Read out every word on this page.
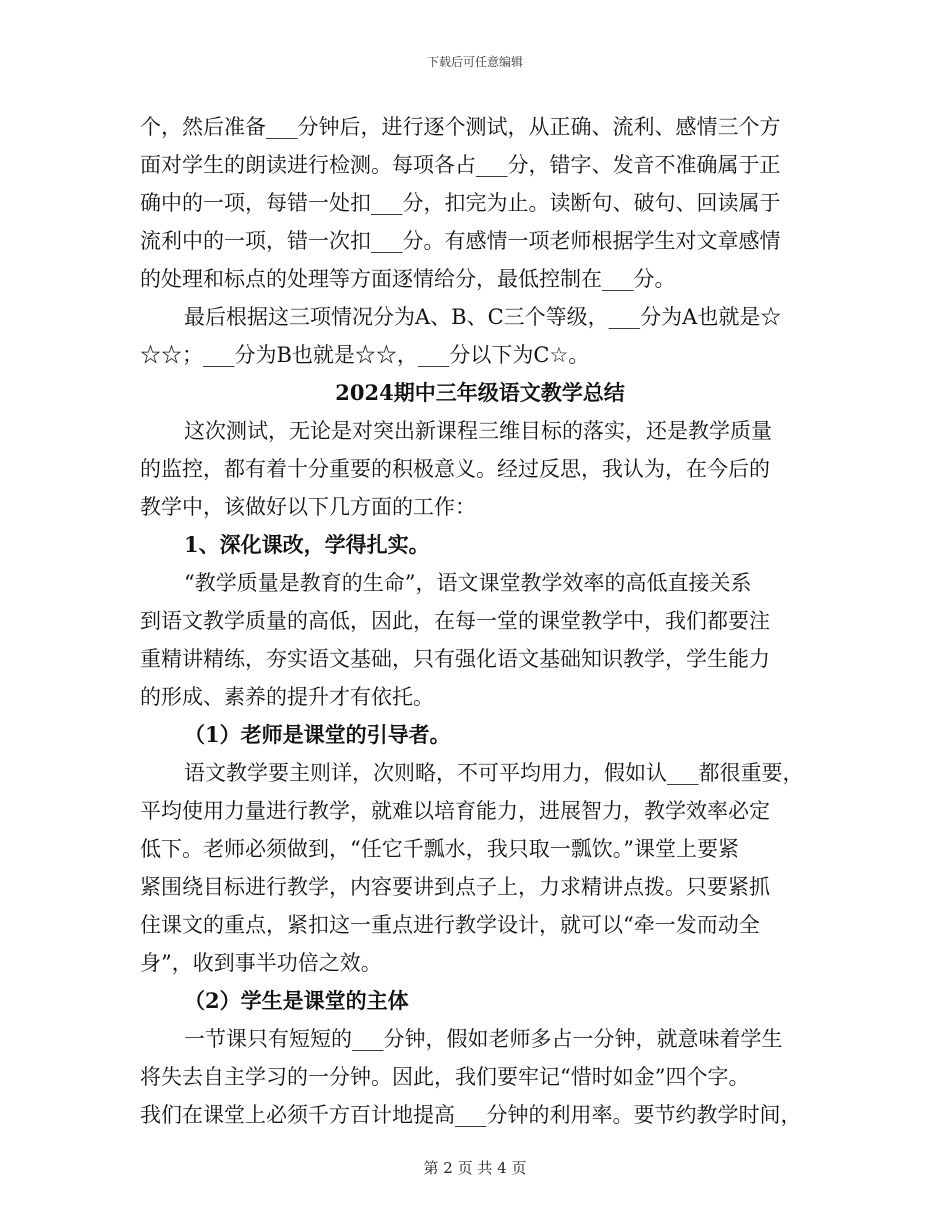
下载后可任意编辑

个，然后准备___分钟后，进行逐个测试，从正确、流利、感情三个方

面对学生的朗读进行检测。每项各占___分，错字、发音不准确属于正

确中的一项，每错一处扣___分，扣完为止。读断句、破句、回读属于

流利中的一项，错一次扣___分。有感情一项老师根据学生对文章感情

的处理和标点的处理等方面逐情给分，最低控制在___分。

最后根据这三项情况分为A、B、C三个等级，___分为A也就是☆

☆☆；___分为B也就是☆☆，___分以下为C☆。

2024期中三年级语文教学总结

这次测试，无论是对突出新课程三维目标的落实，还是教学质量

的监控，都有着十分重要的积极意义。经过反思，我认为，在今后的

教学中，该做好以下几方面的工作：

1、深化课改，学得扎实。

“教学质量是教育的生命”，语文课堂教学效率的高低直接关系

到语文教学质量的高低，因此，在每一堂的课堂教学中，我们都要注

重精讲精练，夯实语文基础，只有强化语文基础知识教学，学生能力

的形成、素养的提升才有依托。

（1）老师是课堂的引导者。

语文教学要主则详，次则略，不可平均用力，假如认___都很重要，

平均使用力量进行教学，就难以培育能力，进展智力，教学效率必定

低下。老师必须做到，“任它千瓢水，我只取一瓢饮。”课堂上要紧

紧围绕目标进行教学，内容要讲到点子上，力求精讲点拨。只要紧抓

住课文的重点，紧扣这一重点进行教学设计，就可以“牵一发而动全

身”，收到事半功倍之效。

（2）学生是课堂的主体

一节课只有短短的___分钟，假如老师多占一分钟，就意味着学生

将失去自主学习的一分钟。因此，我们要牢记“惜时如金”四个字。

我们在课堂上必须千方百计地提高___分钟的利用率。要节约教学时间，

第 2 页 共 4 页
